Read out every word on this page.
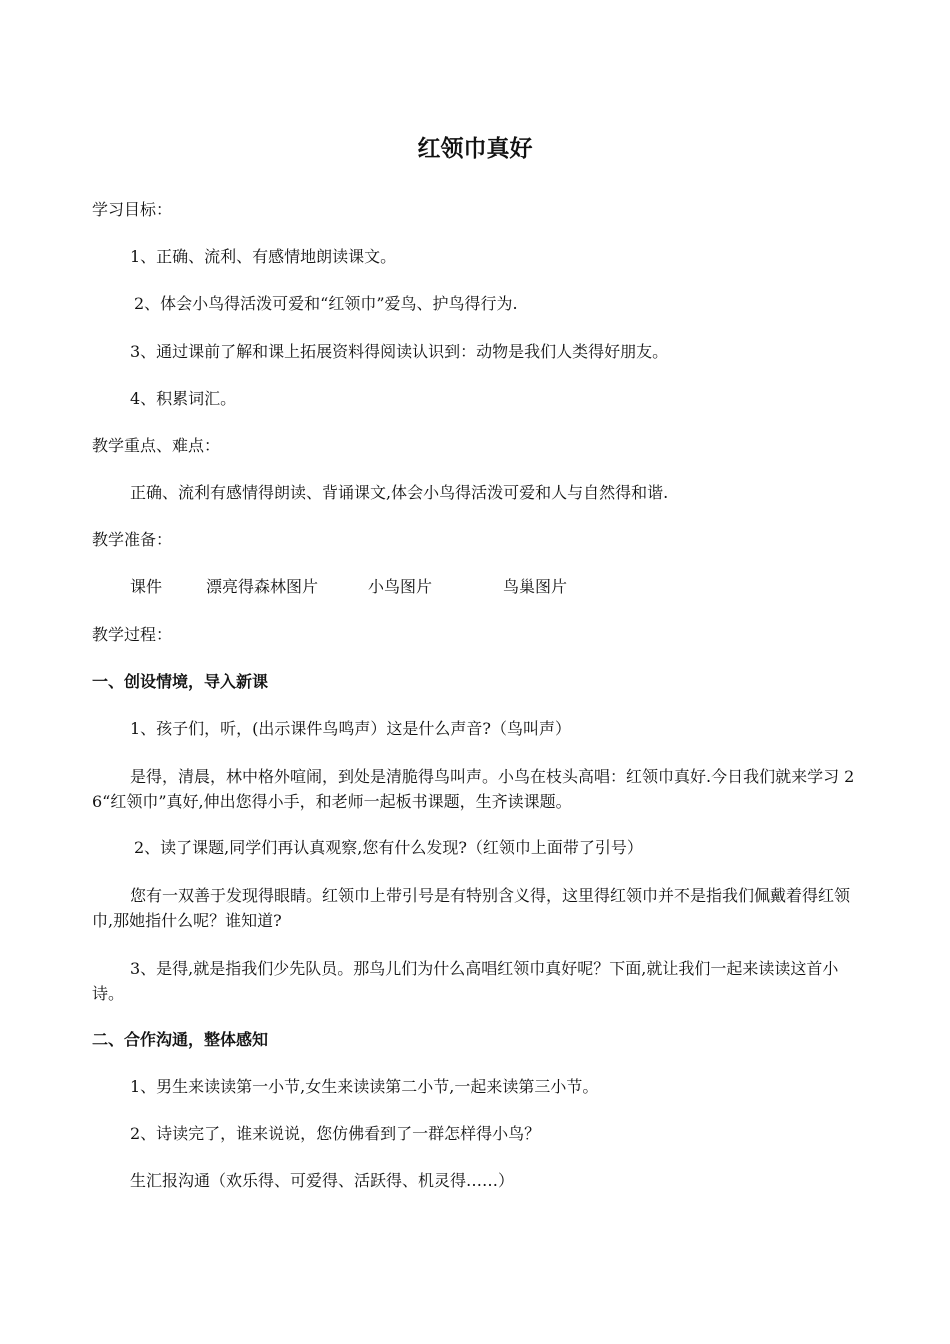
红领巾真好
学习目标：
1、正确、流利、有感情地朗读课文。
2、体会小鸟得活泼可爱和“红领巾”爱鸟、护鸟得行为.
3、通过课前了解和课上拓展资料得阅读认识到：动物是我们人类得好朋友。
4、积累词汇。
教学重点、难点：
正确、流利有感情得朗读、背诵课文,体会小鸟得活泼可爱和人与自然得和谐.
教学准备：
课件	漂亮得森林图片	小鸟图片	鸟巢图片
教学过程：
一、创设情境，导入新课
1、孩子们，听，(出示课件鸟鸣声）这是什么声音?（鸟叫声）
是得，清晨，林中格外喧闹，到处是清脆得鸟叫声。小鸟在枝头高唱：红领巾真好.今日我们就来学习 26“红领巾”真好,伸出您得小手，和老师一起板书课题，生齐读课题。
2、读了课题,同学们再认真观察,您有什么发现?（红领巾上面带了引号）
您有一双善于发现得眼睛。红领巾上带引号是有特别含义得，这里得红领巾并不是指我们佩戴着得红领巾,那她指什么呢？谁知道?
3、是得,就是指我们少先队员。那鸟儿们为什么高唱红领巾真好呢？下面,就让我们一起来读读这首小诗。
二、合作沟通，整体感知
1、男生来读读第一小节,女生来读读第二小节,一起来读第三小节。
2、诗读完了，谁来说说，您仿佛看到了一群怎样得小鸟？
生汇报沟通（欢乐得、可爱得、活跃得、机灵得……）
